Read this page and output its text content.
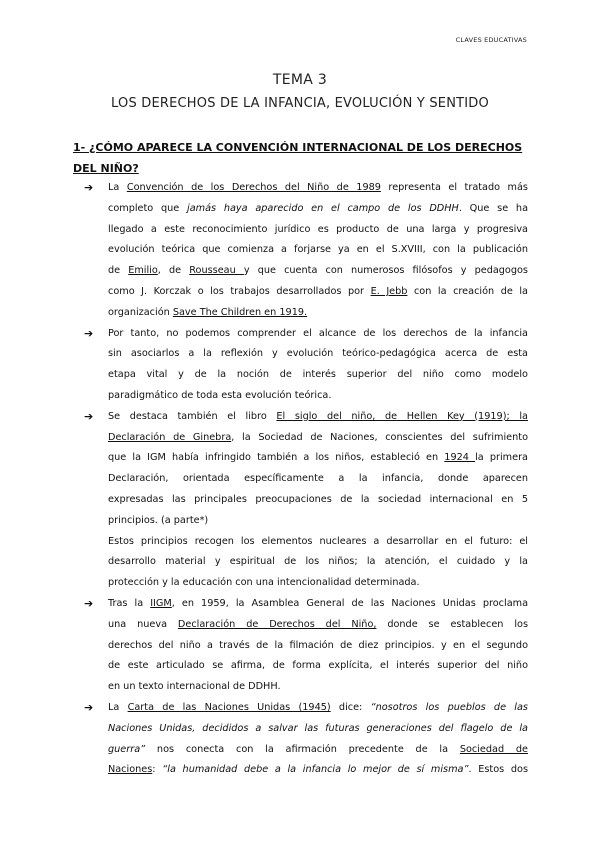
CLAVES EDUCATIVAS
TEMA 3
LOS DERECHOS DE LA INFANCIA, EVOLUCIÓN Y SENTIDO
1- ¿CÓMO APARECE LA CONVENCIÓN INTERNACIONAL DE LOS DERECHOS
DEL NIÑO?
➔ La Convención de los Derechos del Niño de 1989 representa el tratado más
completo que jamás haya aparecido en el campo de los DDHH. Que se ha
llegado a este reconocimiento jurídico es producto de una larga y progresiva
evolución teórica que comienza a forjarse ya en el S.XVIII, con la publicación
de Emilio, de Rousseau y que cuenta con numerosos filósofos y pedagogos
como J. Korczak o los trabajos desarrollados por E. Jebb con la creación de la
organización Save The Children en 1919.
➔ Por tanto, no podemos comprender el alcance de los derechos de la infancia
sin asociarlos a la reflexión y evolución teórico-pedagógica acerca de esta
etapa vital y de la noción de interés superior del niño como modelo
paradigmático de toda esta evolución teórica.
➔ Se destaca también el libro El siglo del niño, de Hellen Key (1919); la
Declaración de Ginebra, la Sociedad de Naciones, conscientes del sufrimiento
que la IGM había infringido también a los niños, estableció en 1924 la primera
Declaración, orientada específicamente a la infancia, donde aparecen
expresadas las principales preocupaciones de la sociedad internacional en 5
principios. (a parte*)
Estos principios recogen los elementos nucleares a desarrollar en el futuro: el
desarrollo material y espiritual de los niños; la atención, el cuidado y la
protección y la educación con una intencionalidad determinada.
➔ Tras la IIGM, en 1959, la Asamblea General de las Naciones Unidas proclama
una nueva Declaración de Derechos del Niño, donde se establecen los
derechos del niño a través de la filmación de diez principios. y en el segundo
de este articulado se afirma, de forma explícita, el interés superior del niño
en un texto internacional de DDHH.
➔ La Carta de las Naciones Unidas (1945) dice: “nosotros los pueblos de las
Naciones Unidas, decididos a salvar las futuras generaciones del flagelo de la
guerra” nos conecta con la afirmación precedente de la Sociedad de
Naciones: “la humanidad debe a la infancia lo mejor de sí misma”. Estos dos
